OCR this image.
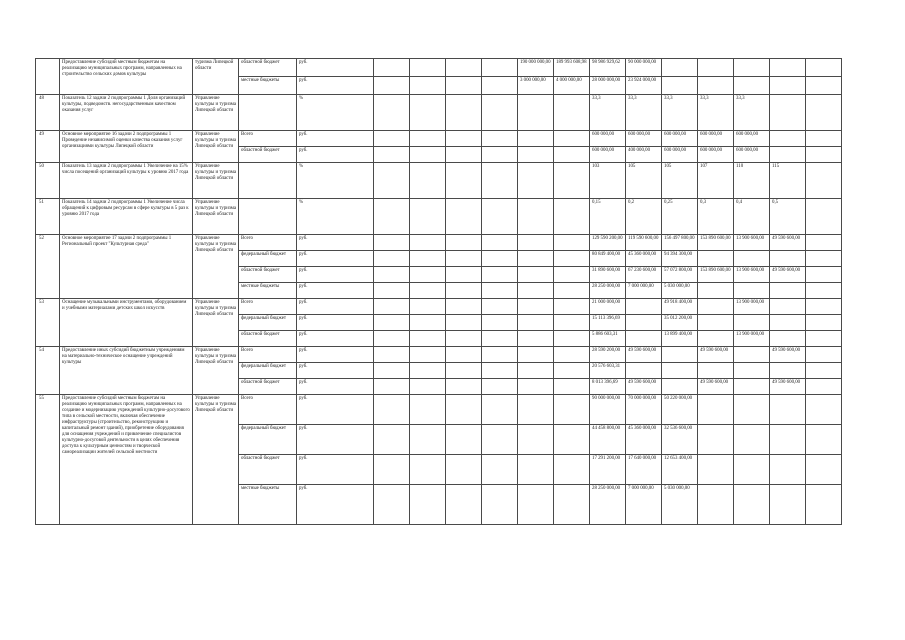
	Предоставление субсидий местным бюджетам на реализацию муниципальных программ, направленных на строительство сельских домов культуры	туризма Липецкой области	областной бюджет	руб.					190 000 000,00	189 993 608,98	98 986 929,62	90 000 000,00					
			местные бюджеты	руб.					3 000 000,00	4 000 000,00	28 000 000,00	23 924 000,00					
48	Показатель 12 задачи 2 подпрограммы 1 Доля организаций культуры, подведомств. негосударственным качеством оказания услуг	Управление культуры и туризма Липецкой области		%							33,3	33,3	33,3	33,3	33,3		
49	Основное мероприятие 16 задачи 2 подпрограммы 1 Проведение независимой оценки качества оказания услуг организациями культуры Липецкой области	Управление культуры и туризма Липецкой области	Всего	руб.							600 000,00	600 000,00	600 000,00	600 000,00	600 000,00		
			областной бюджет	руб.							600 000,00	400 000,00	600 000,00	600 000,00	600 000,00		
50	Показатель 13 задачи 2 подпрограммы 1 Увеличение на 15% числа посещений организаций культуры к уровню 2017 года	Управление культуры и туризма Липецкой области		%							103	105	105	107	110	115	
51	Показатель 14 задачи 2 подпрограммы 1 Увеличение числа обращений к цифровым ресурсам в сфере культуры в 5 раз к уровню 2017 года	Управление культуры и туризма Липецкой области		%							0,15	0,2	0,25	0,3	0,4	0,5	
52	Основное мероприятие 17 задачи 2 подпрограммы 1 Региональный проект "Культурная среда"	Управление культуры и туризма Липецкой области	Всего	руб.							129 590 200,00	119 590 600,00	156 497 800,00	153 890 600,00	13 900 600,00	49 590 600,00	
			федеральный бюджет	руб.							80 849 400,00	45 360 000,00	94 394 300,00				
			областной бюджет	руб.							31 890 600,00	67 230 600,00	57 072 800,00	153 890 600,00	13 900 600,00	49 590 600,00	
			местные бюджеты	руб.							28 250 000,00	7 000 000,00	5 030 000,00				
53	Оснащение музыкальными инструментами, оборудованием и учебными материалами детских школ искусств	Управление культуры и туризма Липецкой области	Всего	руб.							21 000 000,00		49 918 400,00		13 900 000,00		
			федеральный бюджет	руб.							15 113 396,69		35 012 200,00				
			областной бюджет	руб.							5 886 603,31		13 899 400,00		13 900 000,00		
54	Предоставление иных субсидий бюджетным учреждениям на материально-техническое оснащение учреждений культуры	Управление культуры и туризма Липецкой области	Всего	руб.							28 590 200,00	49 590 600,00		49 590 600,00		49 590 600,00	
			федеральный бюджет	руб.							20 576 603,31						
			областной бюджет	руб.							8 013 396,69	49 590 600,00		49 590 600,00		49 590 600,00	
55	Предоставление субсидий местным бюджетам на реализацию муниципальных программ, направленных на создание и модернизацию учреждений культурно-досугового типа в сельской местности, включая обеспечение инфраструктуры (строительство, реконструкцию и капитальный ремонт зданий), приобретение оборудования для оснащения учреждений и привлечение специалистов культурно-досуговой деятельности в целях обеспечения доступа к культурным ценностям и творческой самореализации жителей сельской местности	Управление культуры и туризма Липецкой области	Всего	руб.							90 000 000,00	70 000 000,00	50 220 000,00				
			федеральный бюджет	руб.							44 458 800,00	45 360 000,00	32 536 600,00				
			областной бюджет	руб.							17 291 200,00	17 640 000,00	12 653 400,00				
			местные бюджеты	руб.							28 250 000,00	7 000 000,00	5 030 000,00				
